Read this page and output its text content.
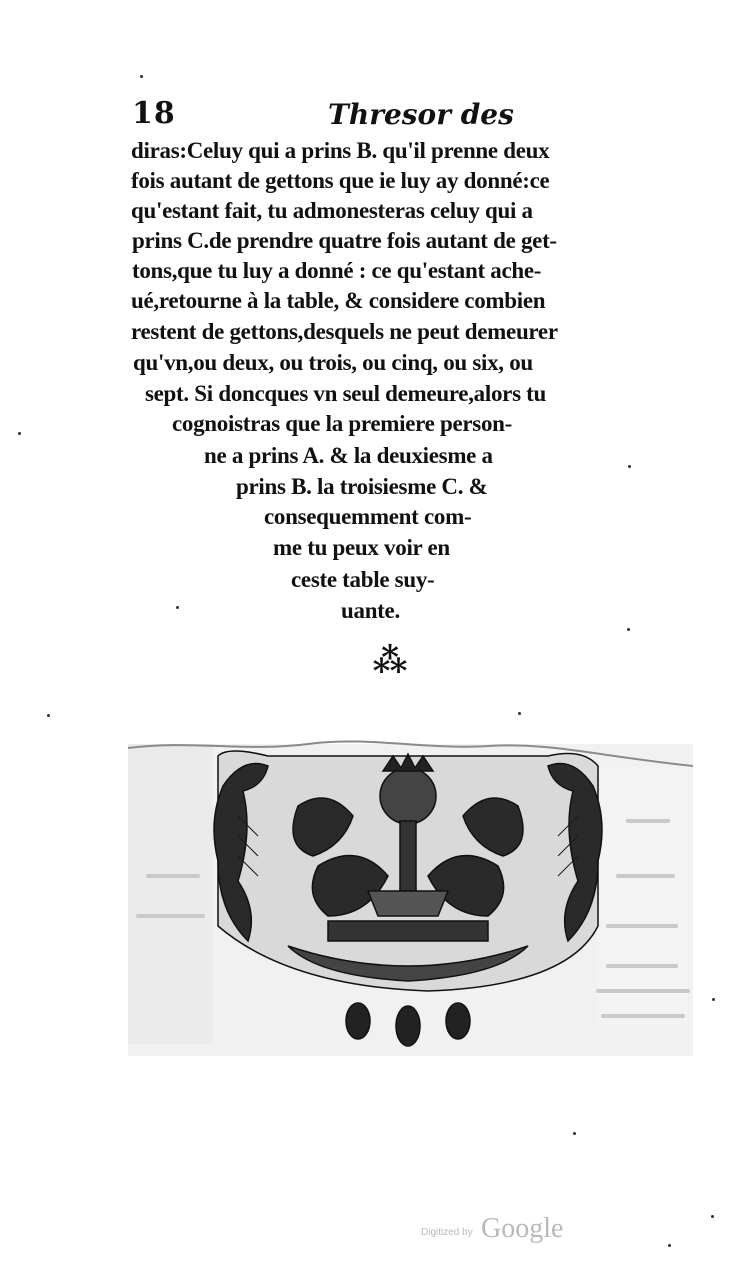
18	Thresor des
diras:Celuy qui a prins B. qu'il prenne deux
fois autant de gettons que ie luy ay donné:ce
qu'estant fait, tu admonesteras celuy qui a
prins C.de prendre quatre fois autant de get-
tons,que tu luy a donné : ce qu'estant ache-
ué,retourne à la table, & considere combien
restent de gettons,desquels ne peut demeurer
qu'vn,ou deux, ou trois, ou cinq, ou six, ou
sept. Si doncques vn seul demeure,alors tu
cognoistras que la premiere person-
ne a prins A. & la deuxiesme a
prins B. la troisiesme C. &
consequemment com-
me tu peux voir en
ceste table suy-
uante.
⁂
Digitized by Google
